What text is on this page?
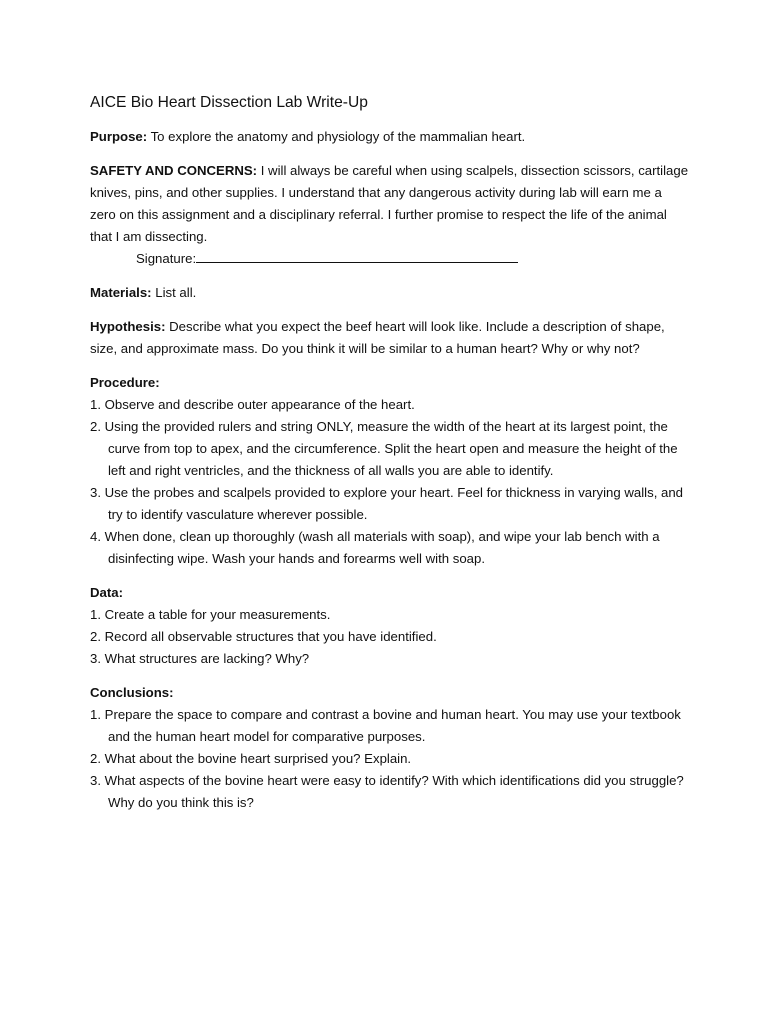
AICE Bio Heart Dissection Lab Write-Up

Purpose: To explore the anatomy and physiology of the mammalian heart.

SAFETY AND CONCERNS: I will always be careful when using scalpels, dissection scissors, cartilage knives, pins, and other supplies. I understand that any dangerous activity during lab will earn me a zero on this assignment and a disciplinary referral. I further promise to respect the life of the animal that I am dissecting.
Signature:

Materials: List all.

Hypothesis: Describe what you expect the beef heart will look like. Include a description of shape, size, and approximate mass. Do you think it will be similar to a human heart? Why or why not?

Procedure:
1. Observe and describe outer appearance of the heart.
2. Using the provided rulers and string ONLY, measure the width of the heart at its largest point, the curve from top to apex, and the circumference. Split the heart open and measure the height of the left and right ventricles, and the thickness of all walls you are able to identify.
3. Use the probes and scalpels provided to explore your heart. Feel for thickness in varying walls, and try to identify vasculature wherever possible.
4. When done, clean up thoroughly (wash all materials with soap), and wipe your lab bench with a disinfecting wipe. Wash your hands and forearms well with soap.
Data:
1. Create a table for your measurements.
2. Record all observable structures that you have identified.
3. What structures are lacking? Why?
Conclusions:
1. Prepare the space to compare and contrast a bovine and human heart. You may use your textbook and the human heart model for comparative purposes.
2. What about the bovine heart surprised you? Explain.
3. What aspects of the bovine heart were easy to identify? With which identifications did you struggle? Why do you think this is?
